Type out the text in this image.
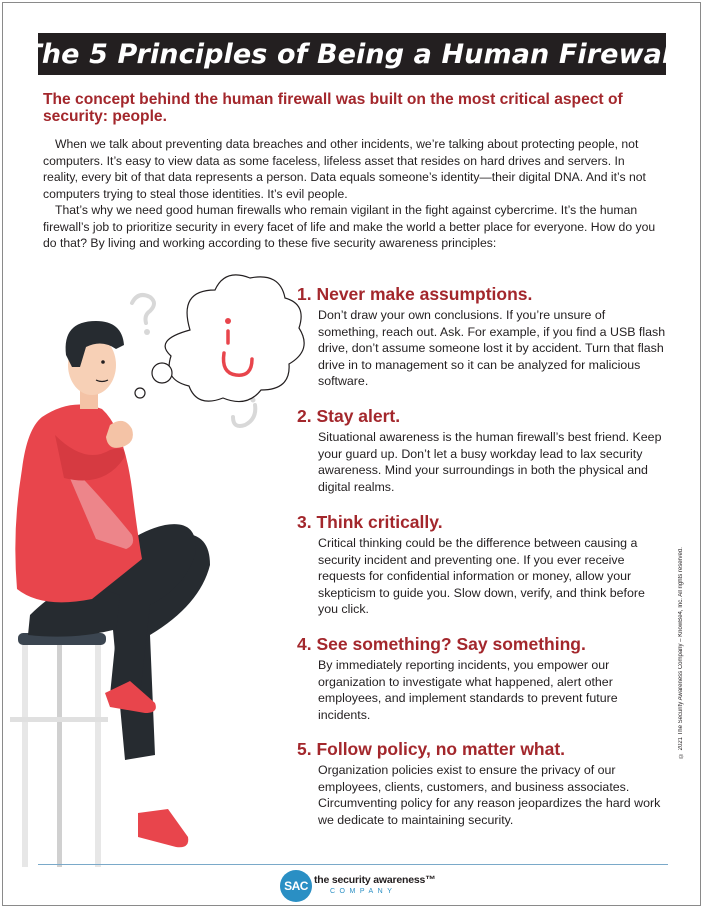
The 5 Principles of Being a Human Firewall
The concept behind the human firewall was built on the most critical aspect of security: people.

When we talk about preventing data breaches and other incidents, we’re talking about protecting people, not computers. It’s easy to view data as some faceless, lifeless asset that resides on hard drives and servers. In reality, every bit of that data represents a person. Data equals someone’s identity—their digital DNA. And it’s not computers trying to steal those identities. It’s evil people.

That’s why we need good human firewalls who remain vigilant in the fight against cybercrime. It’s the human firewall’s job to prioritize security in every facet of life and make the world a better place for everyone. How do you do that? By living and working according to these five security awareness principles:

1. Never make assumptions.
Don’t draw your own conclusions. If you’re unsure of something, reach out. Ask. For example, if you find a USB flash drive, don’t assume someone lost it by accident. Turn that flash drive in to management so it can be analyzed for malicious software.
2. Stay alert.
Situational awareness is the human firewall’s best friend. Keep your guard up. Don’t let a busy workday lead to lax security awareness. Mind your surroundings in both the physical and digital realms.
3. Think critically.
Critical thinking could be the difference between causing a security incident and preventing one. If you ever receive requests for confidential information or money, allow your skepticism to guide you. Slow down, verify, and think before you click.
4. See something? Say something.
By immediately reporting incidents, you empower our organization to investigate what happened, alert other employees, and implement standards to prevent future incidents.
5. Follow policy, no matter what.
Organization policies exist to ensure the privacy of our employees, clients, customers, and business associates. Circumventing policy for any reason jeopardizes the hard work we dedicate to maintaining security.
© 2021 The Security Awareness Company – KnowBe4, Inc. All rights reserved.
SAC the security awareness™
COMPANY
